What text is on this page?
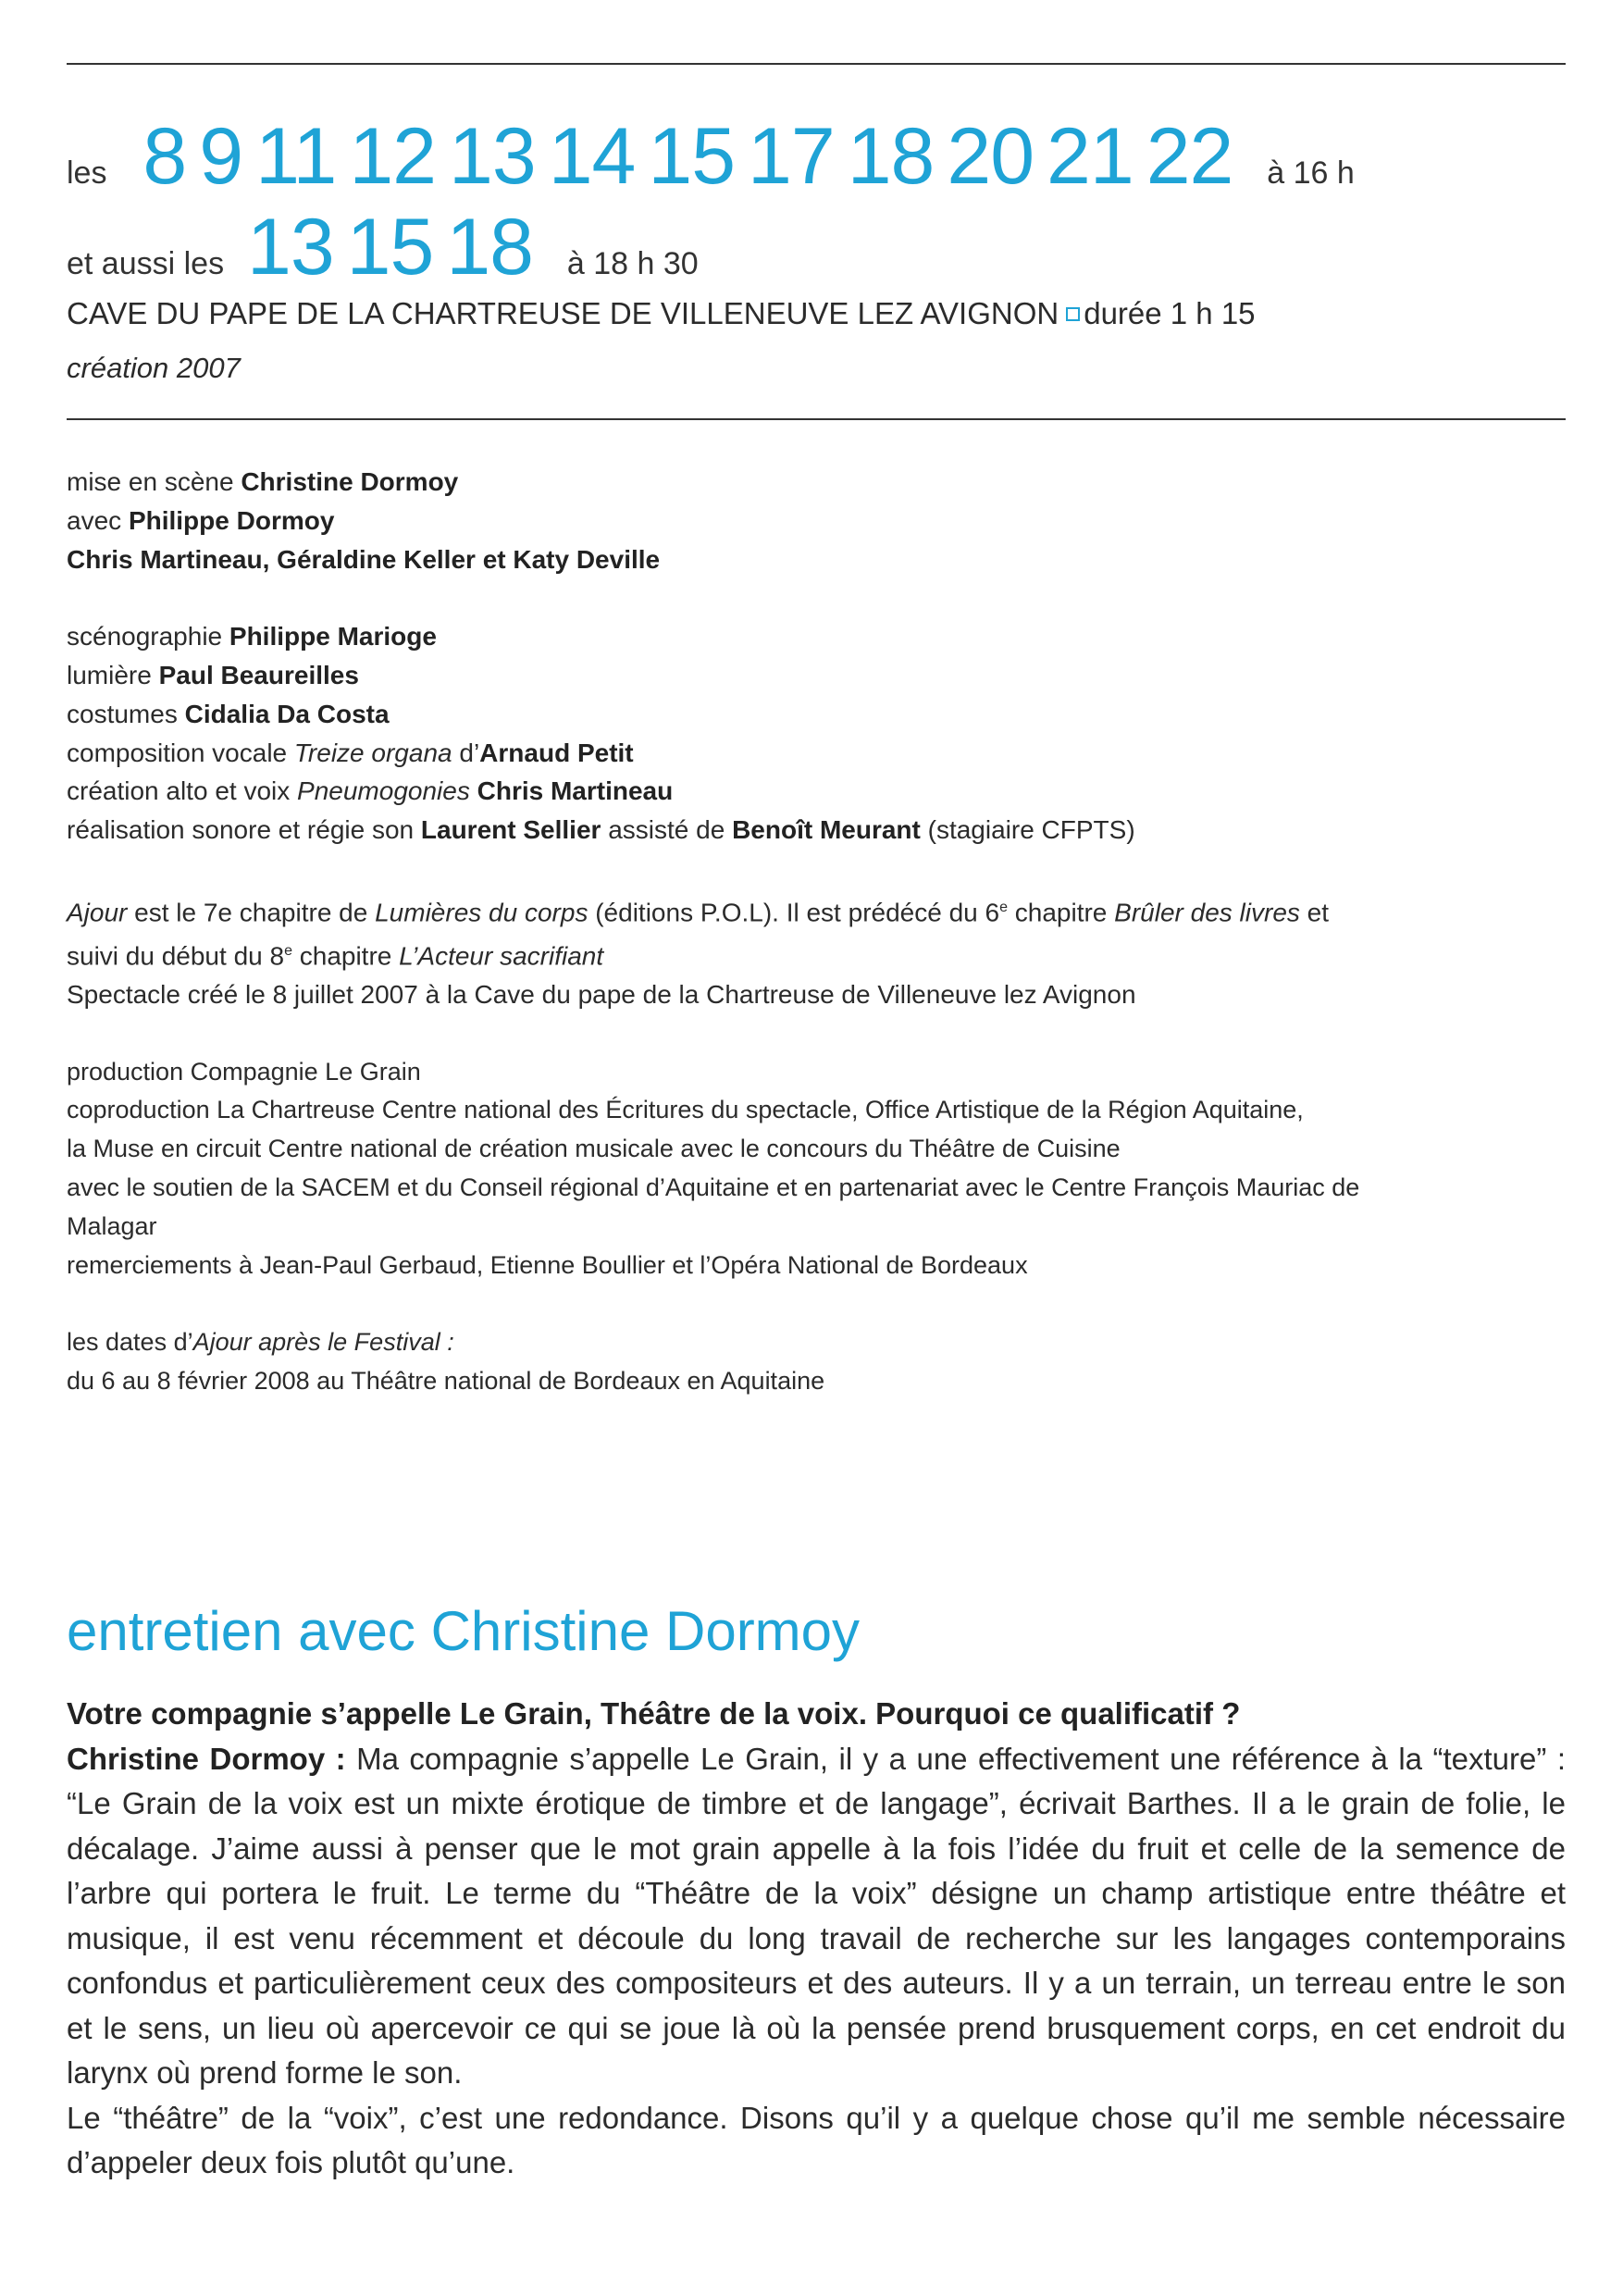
les 8 9 11 12 13 14 15 17 18 20 21 22 à 16 h
et aussi les 13 15 18 à 18 h 30
CAVE DU PAPE DE LA CHARTREUSE DE VILLENEUVE LEZ AVIGNON durée 1 h 15
création 2007

mise en scène Christine Dormoy

avec Philippe Dormoy

Chris Martineau, Géraldine Keller et Katy Deville

scénographie Philippe Marioge

lumière Paul Beaureilles

costumes Cidalia Da Costa

composition vocale Treize organa d’Arnaud Petit

création alto et voix Pneumogonies Chris Martineau

réalisation sonore et régie son Laurent Sellier assisté de Benoît Meurant (stagiaire CFPTS)

Ajour est le 7e chapitre de Lumières du corps (éditions P.O.L). Il est prédécé du 6e chapitre Brûler des livres et

suivi du début du 8e chapitre L’Acteur sacrifiant

Spectacle créé le 8 juillet 2007 à la Cave du pape de la Chartreuse de Villeneuve lez Avignon

production Compagnie Le Grain

coproduction La Chartreuse Centre national des Écritures du spectacle, Office Artistique de la Région Aquitaine,

la Muse en circuit Centre national de création musicale avec le concours du Théâtre de Cuisine

avec le soutien de la SACEM et du Conseil régional d’Aquitaine et en partenariat avec le Centre François Mauriac de

Malagar

remerciements à Jean-Paul Gerbaud, Etienne Boullier et l’Opéra National de Bordeaux

les dates d’Ajour après le Festival :

du 6 au 8 février 2008 au Théâtre national de Bordeaux en Aquitaine

entretien avec Christine Dormoy

Votre compagnie s’appelle Le Grain, Théâtre de la voix. Pourquoi ce qualificatif ?

Christine Dormoy : Ma compagnie s’appelle Le Grain, il y a une effectivement une référence à la “texture” : “Le Grain de la voix est un mixte érotique de timbre et de langage”, écrivait Barthes. Il a le grain de folie, le décalage. J’aime aussi à penser que le mot grain appelle à la fois l’idée du fruit et celle de la semence de l’arbre qui portera le fruit. Le terme du “Théâtre de la voix” désigne un champ artistique entre théâtre et musique, il est venu récemment et découle du long travail de recherche sur les langages contemporains confondus et particulièrement ceux des compositeurs et des auteurs. Il y a un terrain, un terreau entre le son et le sens, un lieu où apercevoir ce qui se joue là où la pensée prend brusquement corps, en cet endroit du larynx où prend forme le son.

Le “théâtre” de la “voix”, c’est une redondance. Disons qu’il y a quelque chose qu’il me semble nécessaire d’appeler deux fois plutôt qu’une.
